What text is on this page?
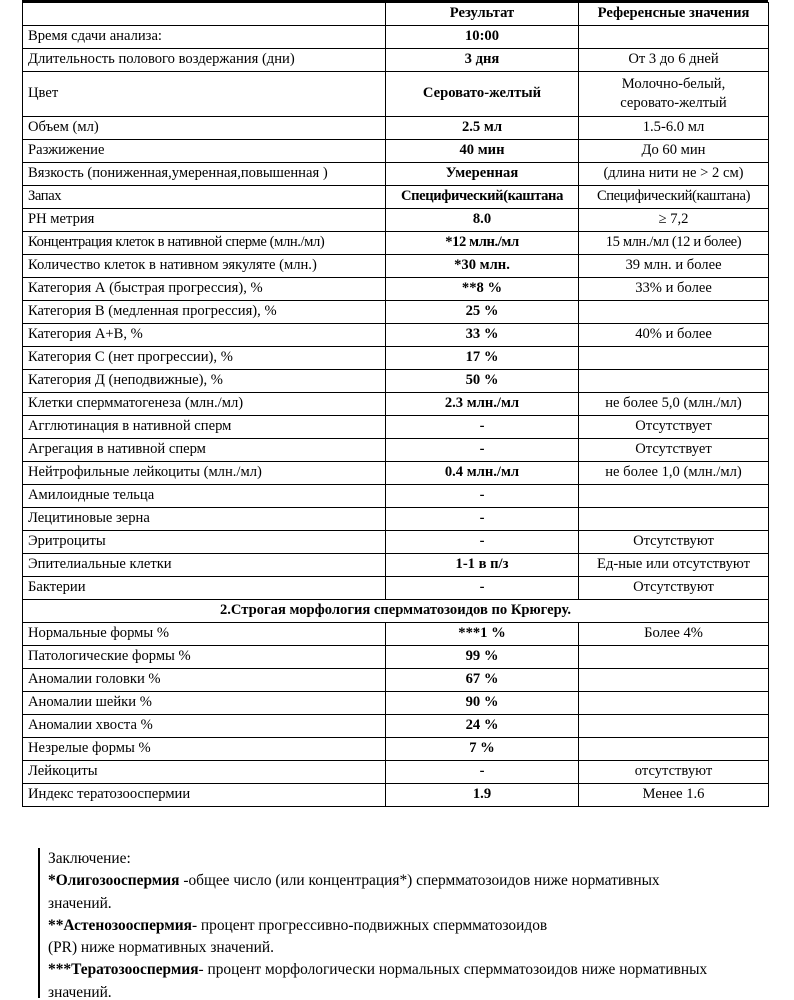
	Результат	Референсные значения
Время сдачи анализа:	10:00	
Длительность полового воздержания (дни)	3 дня	От 3 до 6 дней
Цвет	Серовато-желтый	Молочно-белый,
серовато-желтый

Объем (мл)	2.5 мл	1.5-6.0 мл
Разжижение	40 мин	До 60 мин
Вязкость (пониженная,умеренная,повышенная )	Умеренная	(длина нити не > 2 см)
Запах	Специфический(каштана	Специфический(каштана)
РН метрия	8.0	≥ 7,2
Концентрация клеток в нативной сперме (млн./мл)	*12 млн./мл	15 млн./мл (12 и более)
Количество клеток в нативном эякуляте (млн.)	*30 млн.	39 млн. и более
Категория А (быстрая прогрессия), %	**8 %	33% и более
Категория В (медленная прогрессия), %	25 %	
Категория А+В, %	33 %	40% и более
Категория С (нет прогрессии), %	17 %	
Категория Д (неподвижные), %	50 %	
Клетки спермматогенеза (млн./мл)	2.3 млн./мл	не более 5,0 (млн./мл)
Агглютинация в нативной сперм	-	Отсутствует
Агрегация в нативной сперм	-	Отсутствует
Нейтрофильные лейкоциты (млн./мл)	0.4 млн./мл	не более 1,0 (млн./мл)
Амилоидные тельца	-	
Лецитиновые зерна	-	
Эритроциты	-	Отсутствуют
Эпителиальные клетки	1-1 в п/з	Ед-ные или отсутствуют
Бактерии	-	Отсутствуют
2.Строгая морфология спермматозоидов по Крюгеру.		
Нормальные формы %	***1 %	Более 4%
Патологические формы %	99 %	
Аномалии головки %	67 %	
Аномалии шейки %	90 %	
Аномалии хвоста %	24 %	
Незрелые формы %	7 %	
Лейкоциты	-	отсутствуют
Индекс тератозооспермии	1.9	Менее 1.6

Заключение:

*Олигозооспермия -общее число (или концентрация*) спермматозоидов ниже нормативных

значений.

**Астенозооспермия- процент прогрессивно-подвижных спермматозоидов

(PR) ниже нормативных значений.

***Тератозооспермия- процент морфологически нормальных спермматозоидов ниже нормативных

значений.
